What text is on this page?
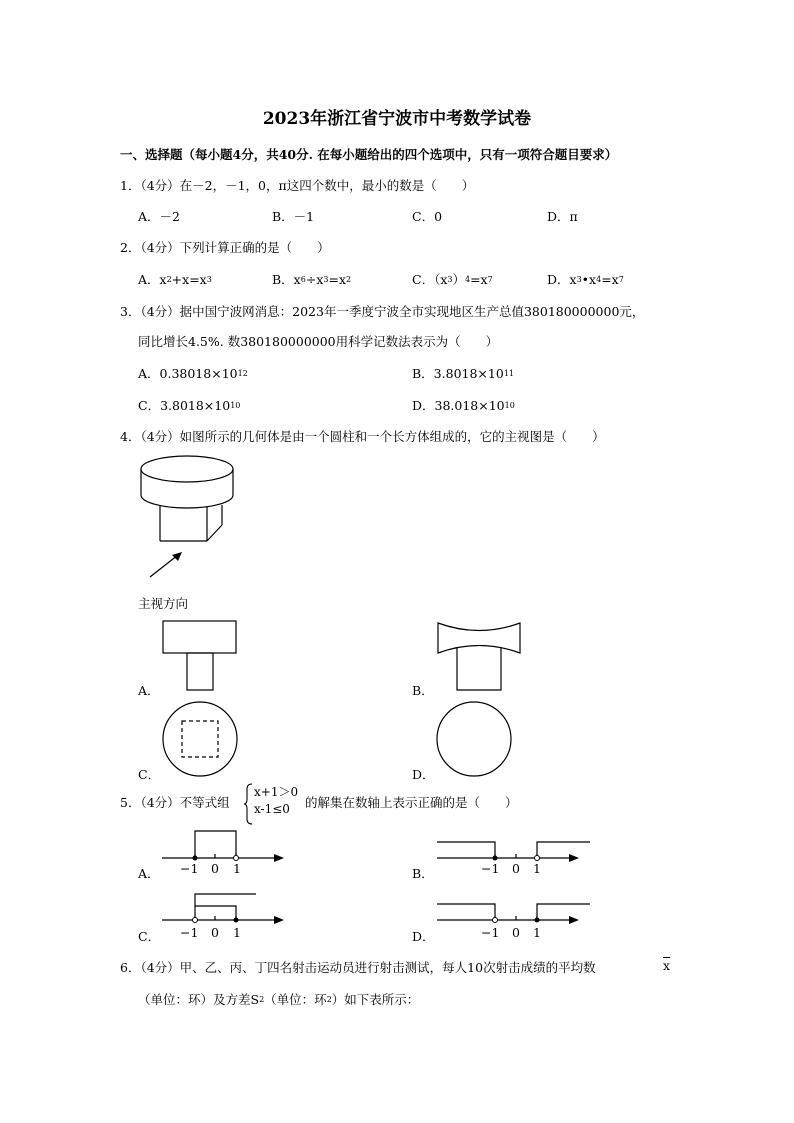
2023年浙江省宁波市中考数学试卷
一、选择题（每小题4分，共40分. 在每小题给出的四个选项中，只有一项符合题目要求）
1．（4分）在－2，－1，0，π这四个数中，最小的数是（　　）
A．－2	B．－1	C．0	D．π
2．（4分）下列计算正确的是（　　）
A．$x^2+x=x^3$	B．$x^6\div x^3=x^2$	C．$(x^3)^4=x^7$	D．$x^3•x^4=x^7$
3．（4分）据中国宁波网消息：2023年一季度宁波全市实现地区生产总值380180000000元，
同比增长4.5%. 数380180000000用科学记数法表示为（　　）
A．$0.38018\times 10^{12}$	B．$3.8018\times 10^{11}$
C．$3.8018\times 10^{10}$	D．$38.018\times 10^{10}$
4．（4分）如图所示的几何体是由一个圆柱和一个长方体组成的，它的主视图是（　　）
主视方向
A．	B．
C．	D．
5．（4分）不等式组
x+1＞0
x-1≤0	的解集在数轴上表示正确的是（　　）
−1 0 1
A．	−1 0 1
B．
−1 0 1
C．	−1 0 1
D．
6．（4分）甲、乙、丙、丁四名射击运动员进行射击测试，每人10次射击成绩的平均数	$\overline{x}$
（单位：环）及方差$S^2$（单位：环$^2$）如下表所示：
